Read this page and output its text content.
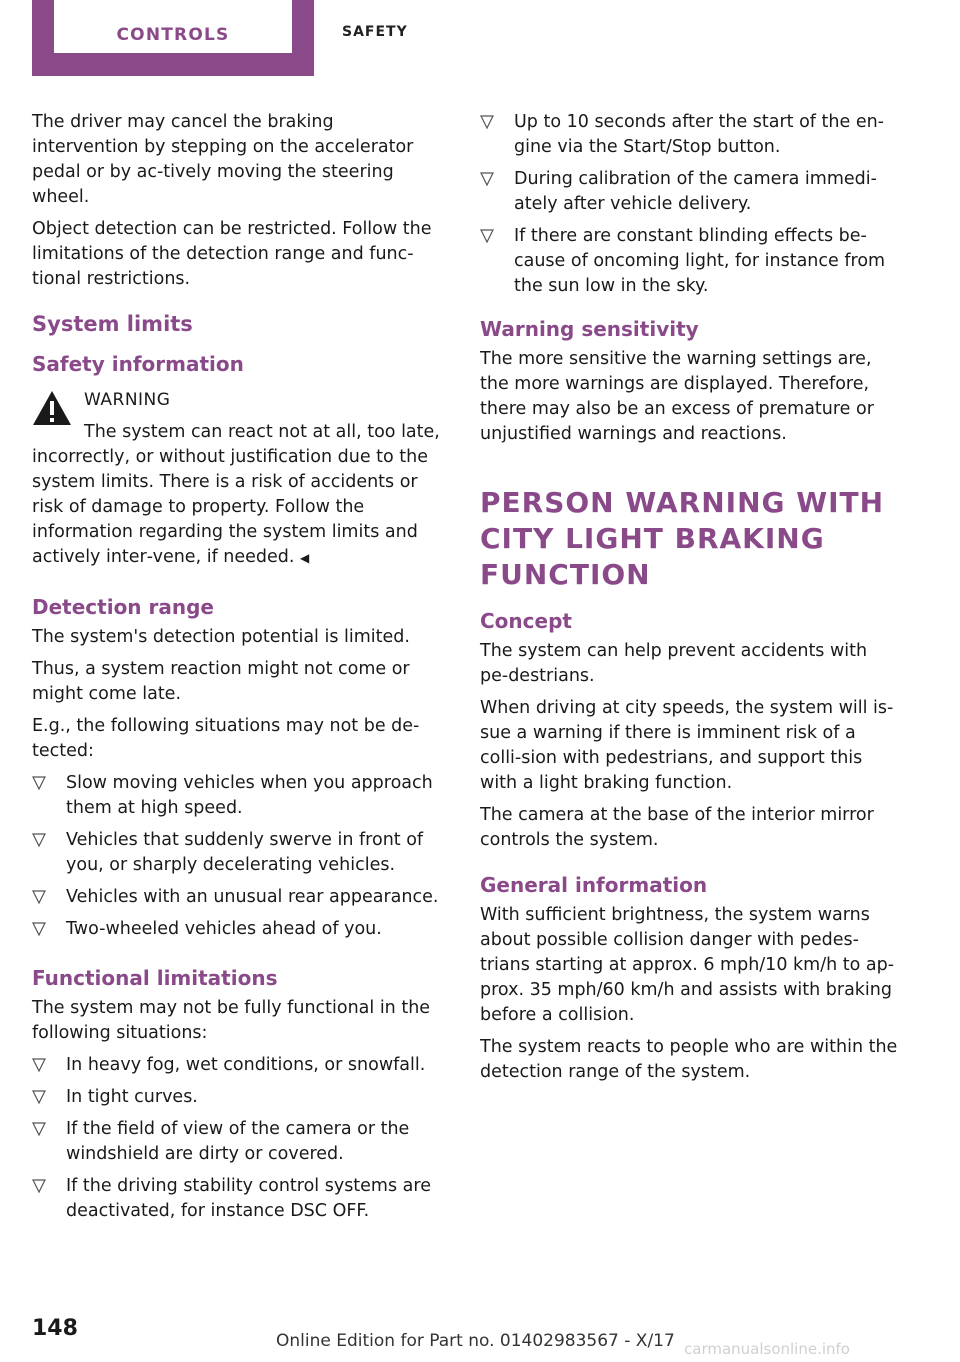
CONTROLS	SAFETY

The driver may cancel the braking intervention by stepping on the accelerator pedal or by ac‐tively moving the steering wheel.

Object detection can be restricted. Follow the limitations of the detection range and func‐tional restrictions.

System limits
Safety information
WARNING

The system can react not at all, too late, incorrectly, or without justification due to the system limits. There is a risk of accidents or risk of damage to property. Follow the information regarding the system limits and actively inter‐vene, if needed. ◀

Detection range

The system's detection potential is limited.

Thus, a system reaction might not come or might come late.

E.g., the following situations may not be de‐tected:

Slow moving vehicles when you approach them at high speed.
Vehicles that suddenly swerve in front of you, or sharply decelerating vehicles.
Vehicles with an unusual rear appearance.
Two-wheeled vehicles ahead of you.
Functional limitations

The system may not be fully functional in the following situations:

In heavy fog, wet conditions, or snowfall.
In tight curves.
If the field of view of the camera or the windshield are dirty or covered.
If the driving stability control systems are deactivated, for instance DSC OFF.
Up to 10 seconds after the start of the en‐gine via the Start/Stop button.
During calibration of the camera immedi‐ately after vehicle delivery.
If there are constant blinding effects be‐cause of oncoming light, for instance from the sun low in the sky.
Warning sensitivity

The more sensitive the warning settings are, the more warnings are displayed. Therefore, there may also be an excess of premature or unjustified warnings and reactions.

PERSON WARNING WITH CITY LIGHT BRAKING FUNCTION
Concept

The system can help prevent accidents with pe‐destrians.

When driving at city speeds, the system will is‐sue a warning if there is imminent risk of a colli‐sion with pedestrians, and support this with a light braking function.

The camera at the base of the interior mirror controls the system.

General information

With sufficient brightness, the system warns about possible collision danger with pedes‐trians starting at approx. 6 mph/10 km/h to ap‐prox. 35 mph/60 km/h and assists with braking before a collision.

The system reacts to people who are within the detection range of the system.

148	Online Edition for Part no. 01402983567 - X/17 carmanualsonline.info
